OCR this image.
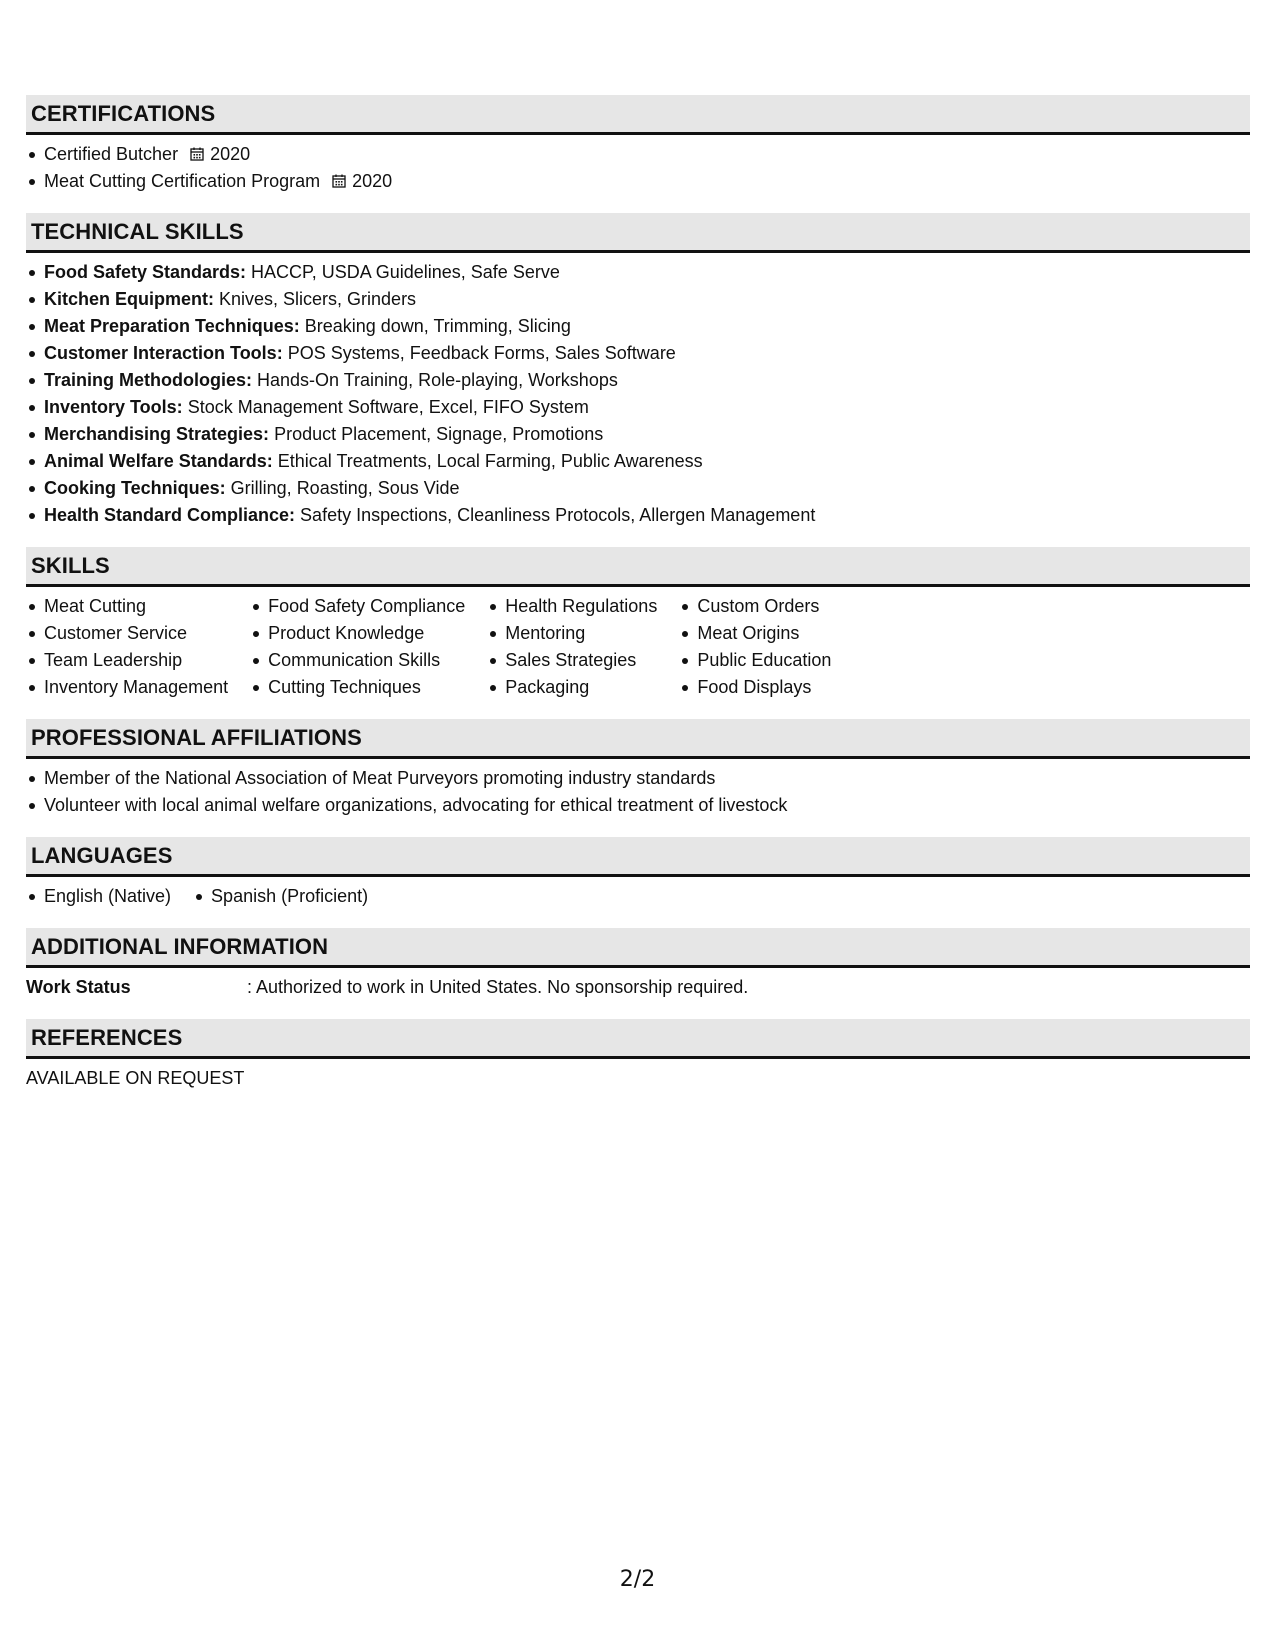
CERTIFICATIONS
Certified Butcher 2020
Meat Cutting Certification Program 2020
TECHNICAL SKILLS
Food Safety Standards: HACCP, USDA Guidelines, Safe Serve
Kitchen Equipment: Knives, Slicers, Grinders
Meat Preparation Techniques: Breaking down, Trimming, Slicing
Customer Interaction Tools: POS Systems, Feedback Forms, Sales Software
Training Methodologies: Hands-On Training, Role-playing, Workshops
Inventory Tools: Stock Management Software, Excel, FIFO System
Merchandising Strategies: Product Placement, Signage, Promotions
Animal Welfare Standards: Ethical Treatments, Local Farming, Public Awareness
Cooking Techniques: Grilling, Roasting, Sous Vide
Health Standard Compliance: Safety Inspections, Cleanliness Protocols, Allergen Management
SKILLS
Meat Cutting
Customer Service
Team Leadership
Inventory Management
Food Safety Compliance
Product Knowledge
Communication Skills
Cutting Techniques
Health Regulations
Mentoring
Sales Strategies
Packaging
Custom Orders
Meat Origins
Public Education
Food Displays
PROFESSIONAL AFFILIATIONS
Member of the National Association of Meat Purveyors promoting industry standards
Volunteer with local animal welfare organizations, advocating for ethical treatment of livestock
LANGUAGES
English (Native)	Spanish (Proficient)
ADDITIONAL INFORMATION
Work Status	: Authorized to work in United States. No sponsorship required.
REFERENCES
AVAILABLE ON REQUEST
2/2
